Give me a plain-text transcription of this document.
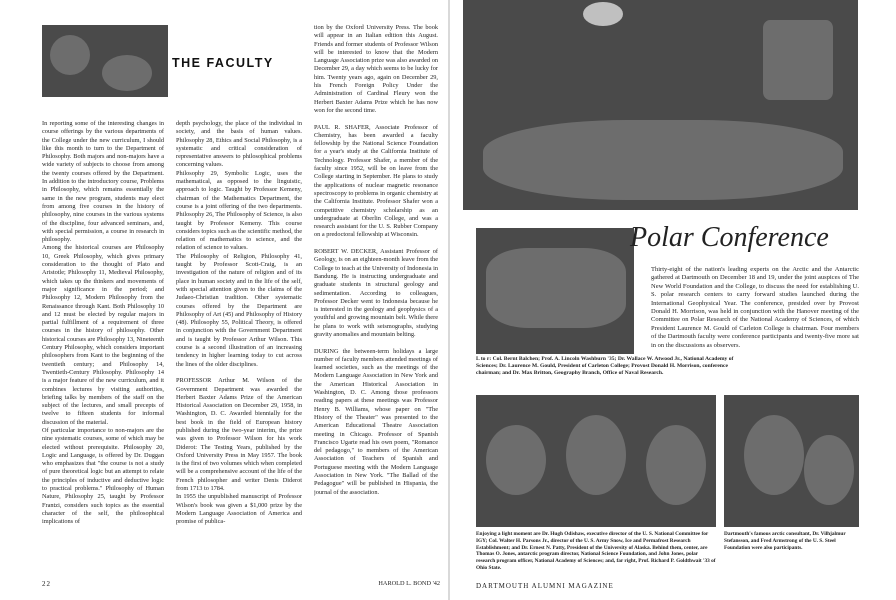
THE FACULTY

In reporting some of the interesting changes in course offerings by the various departments of the College under the new curriculum, I should like this month to turn to the Department of Philosophy. Both majors and non-majors have a wide variety of subjects to choose from among the twenty courses offered by the Department. In addition to the introductory course, Problems in Philosophy, which remains essentially the same in the new program, students may elect from among five courses in the history of philosophy, nine courses in the various systems of the discipline, four advanced seminars, and, with special permission, a course in research in philosophy.
Among the historical courses are Philosophy 10, Greek Philosophy, which gives primary consideration to the thought of Plato and Aristotle; Philosophy 11, Medieval Philosophy, which takes up the thinkers and movements of major significance in the period; and Philosophy 12, Modern Philosophy from the Renaissance through Kant. Both Philosophy 10 and 12 must be elected by regular majors in partial fulfillment of a requirement of three courses in the history of philosophy. Other historical courses are Philosophy 13, Nineteenth Century Philosophy, which considers important philosophers from Kant to the beginning of the twentieth century; and Philosophy 14, Twentieth-Century Philosophy. Philosophy 14 is a major feature of the new curriculum, and it combines lectures by visiting authorities, briefing talks by members of the staff on the subject of the lectures, and small precepts of twelve to fifteen students for informal discussion of the material.
Of particular importance to non-majors are the nine systematic courses, some of which may be elected without prerequisite. Philosophy 20, Logic and Language, is offered by Dr. Duggan who emphasizes that "the course is not a study of pure theoretical logic but an attempt to relate the principles of inductive and deductive logic to practical problems." Philosophy of Human Nature, Philosophy 25, taught by Professor Frantzi, considers such topics as the essential character of the self, the philosophical implications of

depth psychology, the place of the individual in society, and the basis of human values. Philosophy 28, Ethics and Social Philosophy, is a systematic and critical consideration of representative answers to philosophical problems concerning values.
Philosophy 29, Symbolic Logic, uses the mathematical, as opposed to the linguistic, approach to logic. Taught by Professor Kemeny, chairman of the Mathematics Department, the course is a joint offering of the two departments. Philosophy 26, The Philosophy of Science, is also taught by Professor Kemeny. This course considers topics such as the scientific method, the relation of mathematics to science, and the relation of science to values.
The Philosophy of Religion, Philosophy 41, taught by Professor Scott-Craig, is an investigation of the nature of religion and of its place in human society and in the life of the self, with special attention given to the claims of the Judaeo-Christian tradition. Other systematic courses offered by the Department are Philosophy of Art (45) and Philosophy of History (48). Philosophy 55, Political Theory, is offered in conjunction with the Government Department and is taught by Professor Arthur Wilson. This course is a second illustration of an increasing tendency in higher learning today to cut across the lines of the older disciplines.

PROFESSOR Arthur M. Wilson of the Government Department was awarded the Herbert Baxter Adams Prize of the American Historical Association on December 29, 1958, in Washington, D. C. Awarded biennially for the best book in the field of European history published during the two-year interim, the prize was given to Professor Wilson for his work Diderot: The Testing Years, published by the Oxford University Press in May 1957. The book is the first of two volumes which when completed will be a comprehensive account of the life of the French philosopher and writer Denis Diderot from 1713 to 1784.
In 1955 the unpublished manuscript of Professor Wilson's book was given a $1,000 prize by the Modern Language Association of America and promise of publica-

tion by the Oxford University Press. The book will appear in an Italian edition this August. Friends and former students of Professor Wilson will be interested to know that the Modern Language Association prize was also awarded on December 29, a day which seems to be lucky for him. Twenty years ago, again on December 29, his French Foreign Policy Under the Administration of Cardinal Fleury won the Herbert Baxter Adams Prize which he has now won for the second time.

PAUL R. SHAFER, Associate Professor of Chemistry, has been awarded a faculty fellowship by the National Science Foundation for a year's study at the California Institute of Technology. Professor Shafer, a member of the faculty since 1952, will be on leave from the College starting in September. He plans to study the applications of nuclear magnetic resonance spectroscopy to problems in organic chemistry at the California Institute. Professor Shafer won a competitive chemistry scholarship as an undergraduate at Oberlin College, and was a research assistant for the U. S. Rubber Company on a predoctoral fellowship at Wisconsin.

ROBERT W. DECKER, Assistant Professor of Geology, is on an eighteen-month leave from the College to teach at the University of Indonesia in Bandung. He is instructing undergraduate and graduate students in structural geology and sedimentation. According to colleagues, Professor Decker went to Indonesia because he is interested in the geology and geophysics of a youthful and growing mountain belt. While there he plans to work with seismographs, studying gravity anomalies and mountain belting.

DURING the between-term holidays a large number of faculty members attended meetings of learned societies, such as the meetings of the Modern Language Association in New York and the American Historical Association in Washington, D. C. Among those professors reading papers at these meetings was Professor Henry B. Williams, whose paper on "The History of the Theater" was presented to the American Educational Theatre Association meeting in Chicago. Professor of Spanish Francisco Ugarte read his own poem, "Romance del pedagogo," to members of the American Association of Teachers of Spanish and Portuguese meeting with the Modern Language Association in New York. "The Ballad of the Pedagogue" will be published in Hispania, the journal of the association.

HAROLD L. BOND '42
22
Polar Conference

Thirty-eight of the nation's leading experts on the Arctic and the Antarctic gathered at Dartmouth on December 18 and 19, under the joint auspices of The New World Foundation and the College, to discuss the need for establishing U. S. polar research centers to carry forward studies launched during the International Geophysical Year. The conference, presided over by Provost Donald H. Morrison, was held in conjunction with the Hanover meeting of the Committee on Polar Research of the National Academy of Sciences, of which President Laurence M. Gould of Carleton College is chairman. Four members of the Dartmouth faculty were conference participants and twenty-five more sat in on the discussions as observers.

L to r: Col. Bernt Balchen; Prof. A. Lincoln Washburn '35; Dr. Wallace W. Atwood Jr., National Academy of Sciences; Dr. Laurence M. Gould, President of Carleton College; Provost Donald H. Morrison, conference chairman; and Dr. Max Britton, Geography Branch, Office of Naval Research.
Enjoying a light moment are Dr. Hugh Odishaw, executive director of the U. S. National Committee for IGY; Col. Walter H. Parsons Jr., director of the U. S. Army Snow, Ice and Permafrost Research Establishment; and Dr. Ernest N. Patty, President of the University of Alaska. Behind them, center, are Thomas O. Jones, antarctic program director, National Science Foundation, and John Jones, polar research program officer, National Academy of Sciences; and, far right, Prof. Richard P. Goldthwait '33 of Ohio State.
Dartmouth's famous arctic consultant, Dr. Vilhjalmur Stefansson, and Fred Armstrong of the U. S. Steel Foundation were also participants.
DARTMOUTH ALUMNI MAGAZINE
